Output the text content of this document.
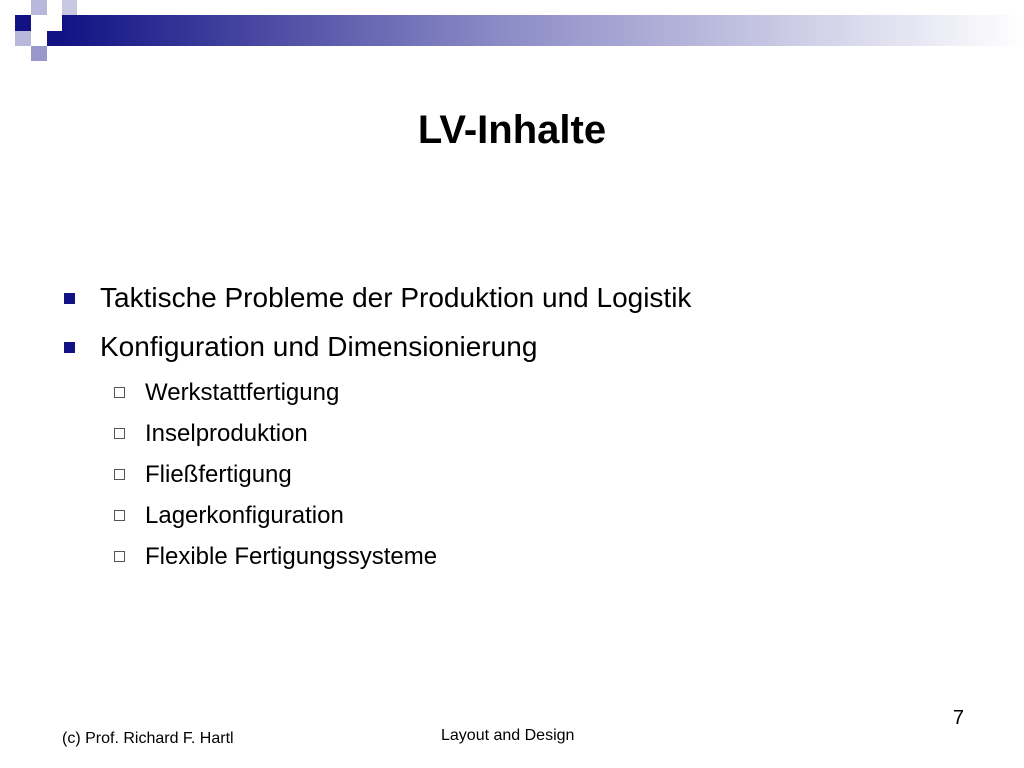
LV-Inhalte
Taktische Probleme der Produktion und Logistik
Konfiguration und Dimensionierung
Werkstattfertigung
Inselproduktion
Fließfertigung
Lagerkonfiguration
Flexible Fertigungssysteme
(c) Prof. Richard F. Hartl	Layout and Design
7
